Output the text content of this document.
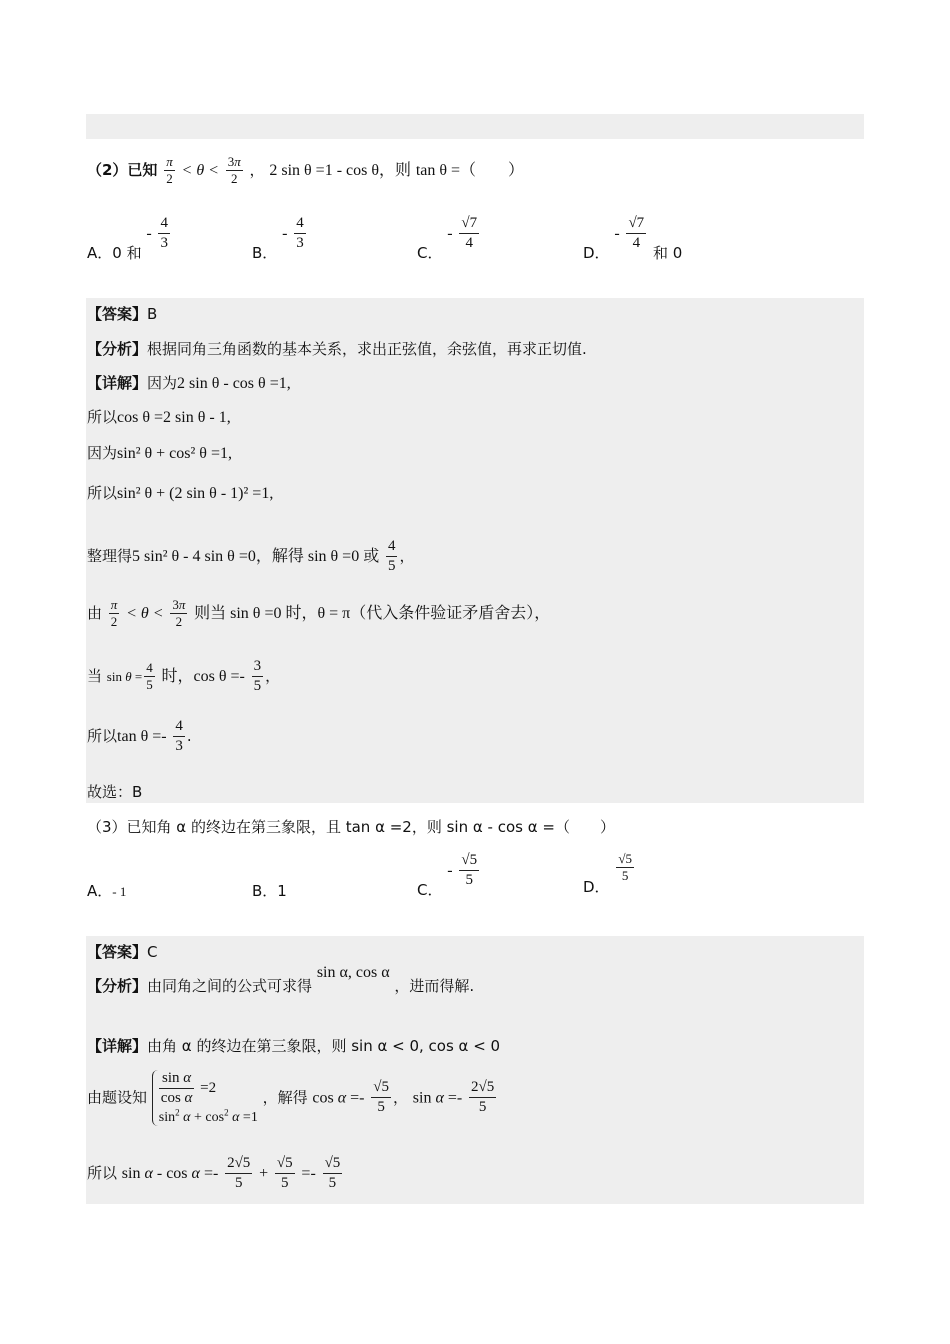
（2）已知 $\frac{\pi}{2} < \theta < \frac{3\pi}{2}$ ， 2 sin θ =1 - cos θ，则 tan θ =（　　）
A．0 和 - $\frac{4}{3}$
B． - $\frac{4}{3}$
C． - $\frac{√7}{4}$
D． - $\frac{√7}{4}$
和 0
【答案】B
【分析】根据同角三角函数的基本关系，求出正弦值，余弦值，再求正切值.
【详解】因为2 sin θ - cos θ =1,
所以cos θ =2 sin θ - 1,
因为sin² θ + cos² θ =1,
所以sin² θ + (2 sin θ - 1)² =1,
整理得5 sin² θ - 4 sin θ =0，解得 sin θ =0 或 $\frac{4}{5}$ ，
由 $\frac{\pi}{2} < \theta < \frac{3\pi}{2}$ 则当 sin θ =0 时，θ = π（代入条件验证矛盾舍去），
当 $\sin \theta = \frac{4}{5}$ 时，$\cos \theta =- \frac{3}{5}$ ，
所以$\tan \theta =- \frac{4}{3}$ .
故选：B
（3）已知角 α 的终边在第三象限，且 tan α =2，则 sin α - cos α =（　　）
A．- 1	B．1	C． - $\frac{√5}{5}$	D．
$\frac{√5}{5}$
【答案】C
【分析】由同角之间的公式可求得 sin α, cos α ，进而得解.
【详解】由角 α 的终边在第三象限，则 sin α < 0, cos α < 0
由题设知 $\frac{\text{sin α}}{\text{cos α}} =2$
$\sin^2 \alpha + \cos^2 \alpha =1$ ，解得 $\cos \alpha =- \frac{√5}{5}$ ， $\sin \alpha =- \frac{2√5}{5}$
所以 $\sin \alpha - \cos \alpha =- \frac{2√5}{5} + \frac{√5}{5} =- \frac{√5}{5}$
